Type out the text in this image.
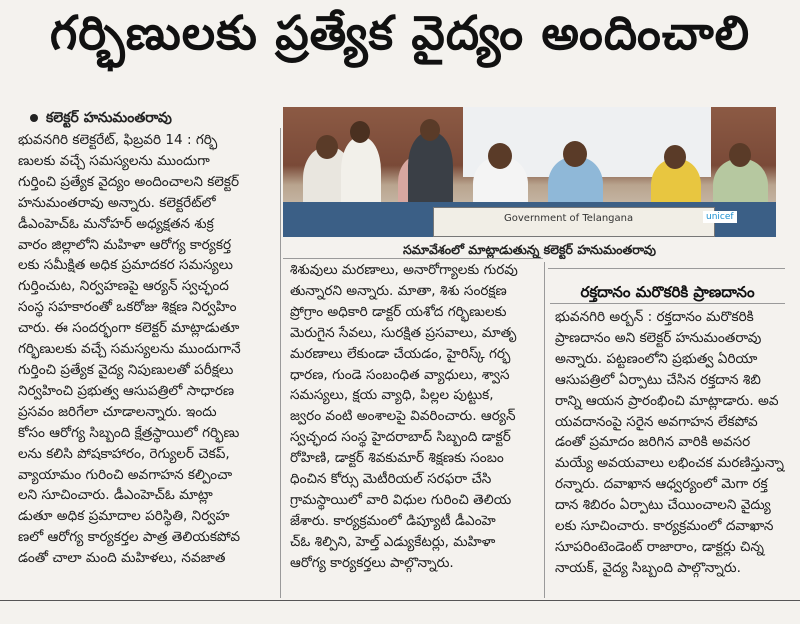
గర్భిణులకు ప్రత్యేక వైద్యం అందించాలి
కలెక్టర్ హనుమంతరావు
Government of Telangana	unicef
సమావేశంలో మాట్లాడుతున్న కలెక్టర్ హనుమంతరావు
రక్తదానం మరొకరికి ప్రాణదానం

భువనగిరి కలెక్టరేట్, ఫిబ్రవరి 14 : గర్భి

ణులకు వచ్చే సమస్యలను ముందుగా

గుర్తించి ప్రత్యేక వైద్యం అందించాలని కలెక్టర్

హనుమంతరావు అన్నారు. కలెక్టరేట్‌లో

డీఎంహెచ్ఓ మనోహర్ అధ్యక్షతన శుక్ర

వారం జిల్లాలోని మహిళా ఆరోగ్య కార్యకర్త

లకు సమీక్షిత అధిక ప్రమాదకర సమస్యలు

గుర్తించుట, నిర్వహణపై ఆర్యన్ స్వచ్ఛంద

సంస్థ సహకారంతో ఒకరోజు శిక్షణ నిర్వహిం

చారు. ఈ సందర్భంగా కలెక్టర్ మాట్లాడుతూ

గర్భిణులకు వచ్చే సమస్యలను ముందుగానే

గుర్తించి ప్రత్యేక వైద్య నిపుణులతో పరీక్షలు

నిర్వహించి ప్రభుత్వ ఆసుపత్రిలో సాధారణ

ప్రసవం జరిగేలా చూడాలన్నారు. ఇందు

కోసం ఆరోగ్య సిబ్బంది క్షేత్రస్థాయిలో గర్భిణు

లను కలిసి పోషకాహారం, రెగ్యులర్ చెకప్,

వ్యాయామం గురించి అవగాహన కల్పించా

లని సూచించారు. డీఎంహెచ్ఓ మాట్లా

డుతూ అధిక ప్రమాదాల పరిస్థితి, నిర్వహ

ణలో ఆరోగ్య కార్యకర్తల పాత్ర తెలియకపోవ

డంతో చాలా మంది మహిళలు, నవజాత

శిశువులు మరణాలు, అనారోగ్యాలకు గురవు

తున్నారని అన్నారు. మాతా, శిశు సంరక్షణ

ప్రోగ్రాం అధికారి డాక్టర్ యశోద గర్భిణులకు

మెరుగైన సేవలు, సురక్షిత ప్రసవాలు, మాతృ

మరణాలు లేకుండా చేయడం, హైరిస్క్ గర్భ

ధారణ, గుండె సంబంధిత వ్యాధులు, శ్వాస

సమస్యలు, క్షయ వ్యాధి, పిల్లల పుట్టుక,

జ్వరం వంటి అంశాలపై వివరించారు. ఆర్యన్

స్వచ్ఛంద సంస్థ హైదరాబాద్ సిబ్బంది డాక్టర్

రోహిణి, డాక్టర్ శివకుమార్ శిక్షణకు సంబం

ధించిన కోర్సు మెటీరియల్ సరఫరా చేసి

గ్రామస్థాయిలో వారి విధుల గురించి తెలియ

జేశారు. కార్యక్రమంలో డిప్యూటీ డీఎంహె

చ్ఓ శిల్పిని, హెల్త్ ఎడ్యుకేటర్లు, మహిళా

ఆరోగ్య కార్యకర్తలు పాల్గొన్నారు.

భువనగిరి అర్బన్ : రక్తదానం మరొకరికి

ప్రాణదానం అని కలెక్టర్ హనుమంతరావు

అన్నారు. పట్టణంలోని ప్రభుత్వ ఏరియా

ఆసుపత్రిలో ఏర్పాటు చేసిన రక్తదాన శిబి

రాన్ని ఆయన ప్రారంభించి మాట్లాడారు. అవ

యవదానంపై సరైన అవగాహన లేకపోవ

డంతో ప్రమాదం జరిగిన వారికి అవసర

మయ్యే అవయవాలు లభించక మరణిస్తున్నా

రన్నారు. దవాఖాన ఆధ్వర్యంలో మెగా రక్త

దాన శిబిరం ఏర్పాటు చేయించాలని వైద్యు

లకు సూచించారు. కార్యక్రమంలో దవాఖాన

సూపరింటెండెంట్ రాజారాం, డాక్టర్లు చిన్న

నాయక్, వైద్య సిబ్బంది పాల్గొన్నారు.
